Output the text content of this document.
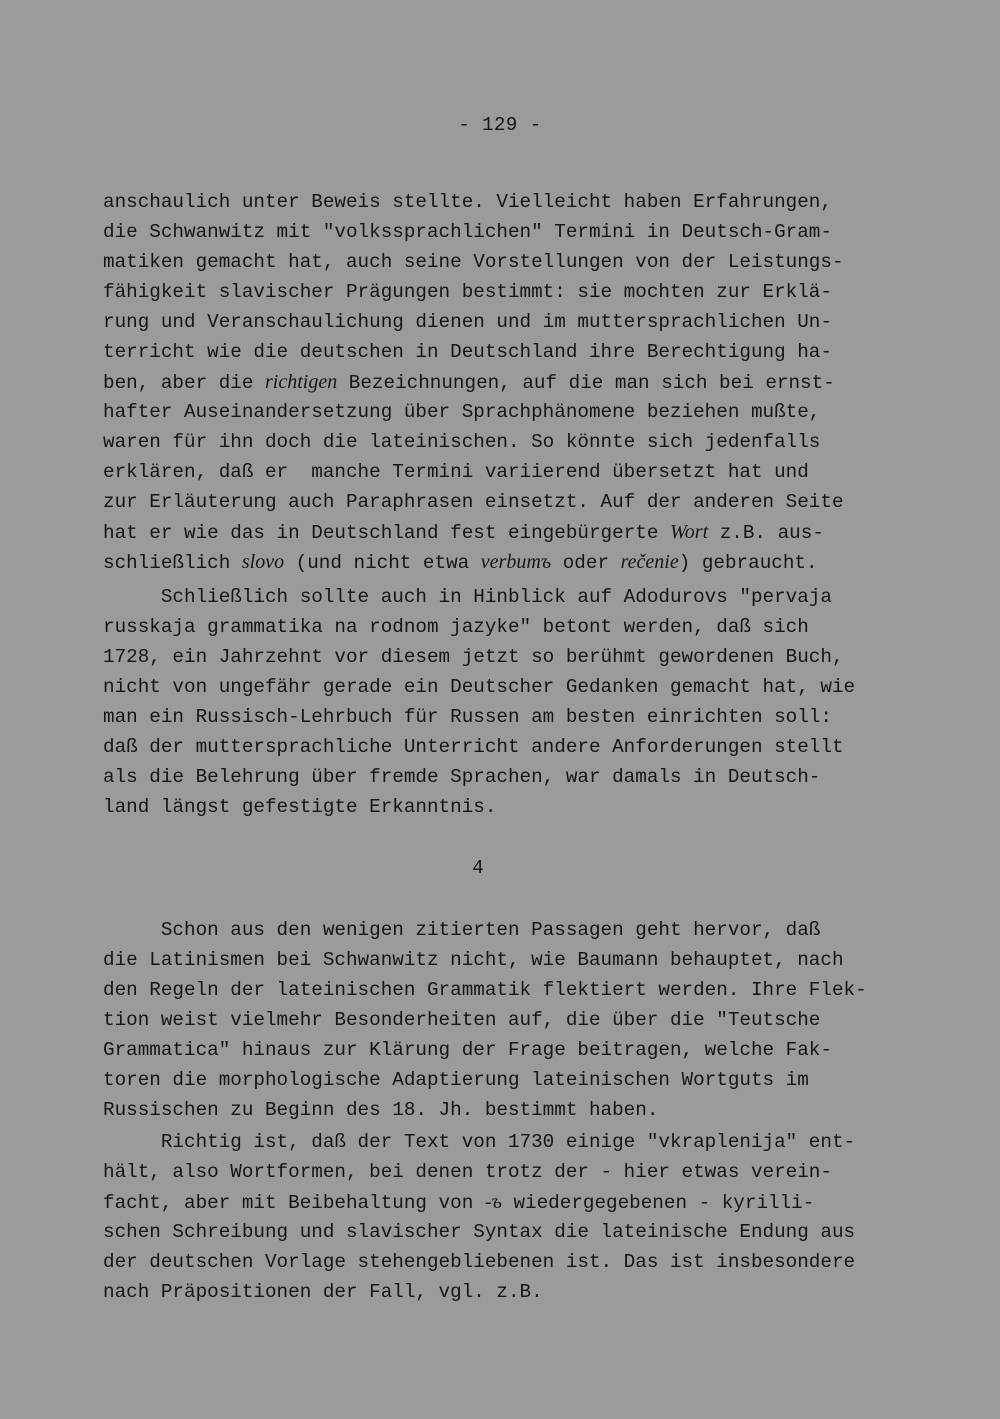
- 129 -
anschaulich unter Beweis stellte. Vielleicht haben Erfahrungen,
die Schwanwitz mit "volkssprachlichen" Termini in Deutsch-Gram-
matiken gemacht hat, auch seine Vorstellungen von der Leistungs-
fähigkeit slavischer Prägungen bestimmt: sie mochten zur Erklä-
rung und Veranschaulichung dienen und im muttersprachlichen Un-
terricht wie die deutschen in Deutschland ihre Berechtigung ha-
ben, aber die richtigen Bezeichnungen, auf die man sich bei ernst-
hafter Auseinandersetzung über Sprachphänomene beziehen mußte,
waren für ihn doch die lateinischen. So könnte sich jedenfalls
erklären, daß er  manche Termini variierend übersetzt hat und
zur Erläuterung auch Paraphrasen einsetzt. Auf der anderen Seite
hat er wie das in Deutschland fest eingebürgerte Wort z.B. aus-
schließlich slovo (und nicht etwa verbumъ oder rečenie) gebraucht.
Schließlich sollte auch in Hinblick auf Adodurovs "pervaja
russkaja grammatika na rodnom jazyke" betont werden, daß sich
1728, ein Jahrzehnt vor diesem jetzt so berühmt gewordenen Buch,
nicht von ungefähr gerade ein Deutscher Gedanken gemacht hat, wie
man ein Russisch-Lehrbuch für Russen am besten einrichten soll:
daß der muttersprachliche Unterricht andere Anforderungen stellt
als die Belehrung über fremde Sprachen, war damals in Deutsch-
land längst gefestigte Erkanntnis.
4
Schon aus den wenigen zitierten Passagen geht hervor, daß
die Latinismen bei Schwanwitz nicht, wie Baumann behauptet, nach
den Regeln der lateinischen Grammatik flektiert werden. Ihre Flek-
tion weist vielmehr Besonderheiten auf, die über die "Teutsche
Grammatica" hinaus zur Klärung der Frage beitragen, welche Fak-
toren die morphologische Adaptierung lateinischen Wortguts im
Russischen zu Beginn des 18. Jh. bestimmt haben.
Richtig ist, daß der Text von 1730 einige "vkraplenija" ent-
hält, also Wortformen, bei denen trotz der - hier etwas verein-
facht, aber mit Beibehaltung von -ъ wiedergegebenen - kyrilli-
schen Schreibung und slavischer Syntax die lateinische Endung aus
der deutschen Vorlage stehengebliebenen ist. Das ist insbesondere
nach Präpositionen der Fall, vgl. z.B.
